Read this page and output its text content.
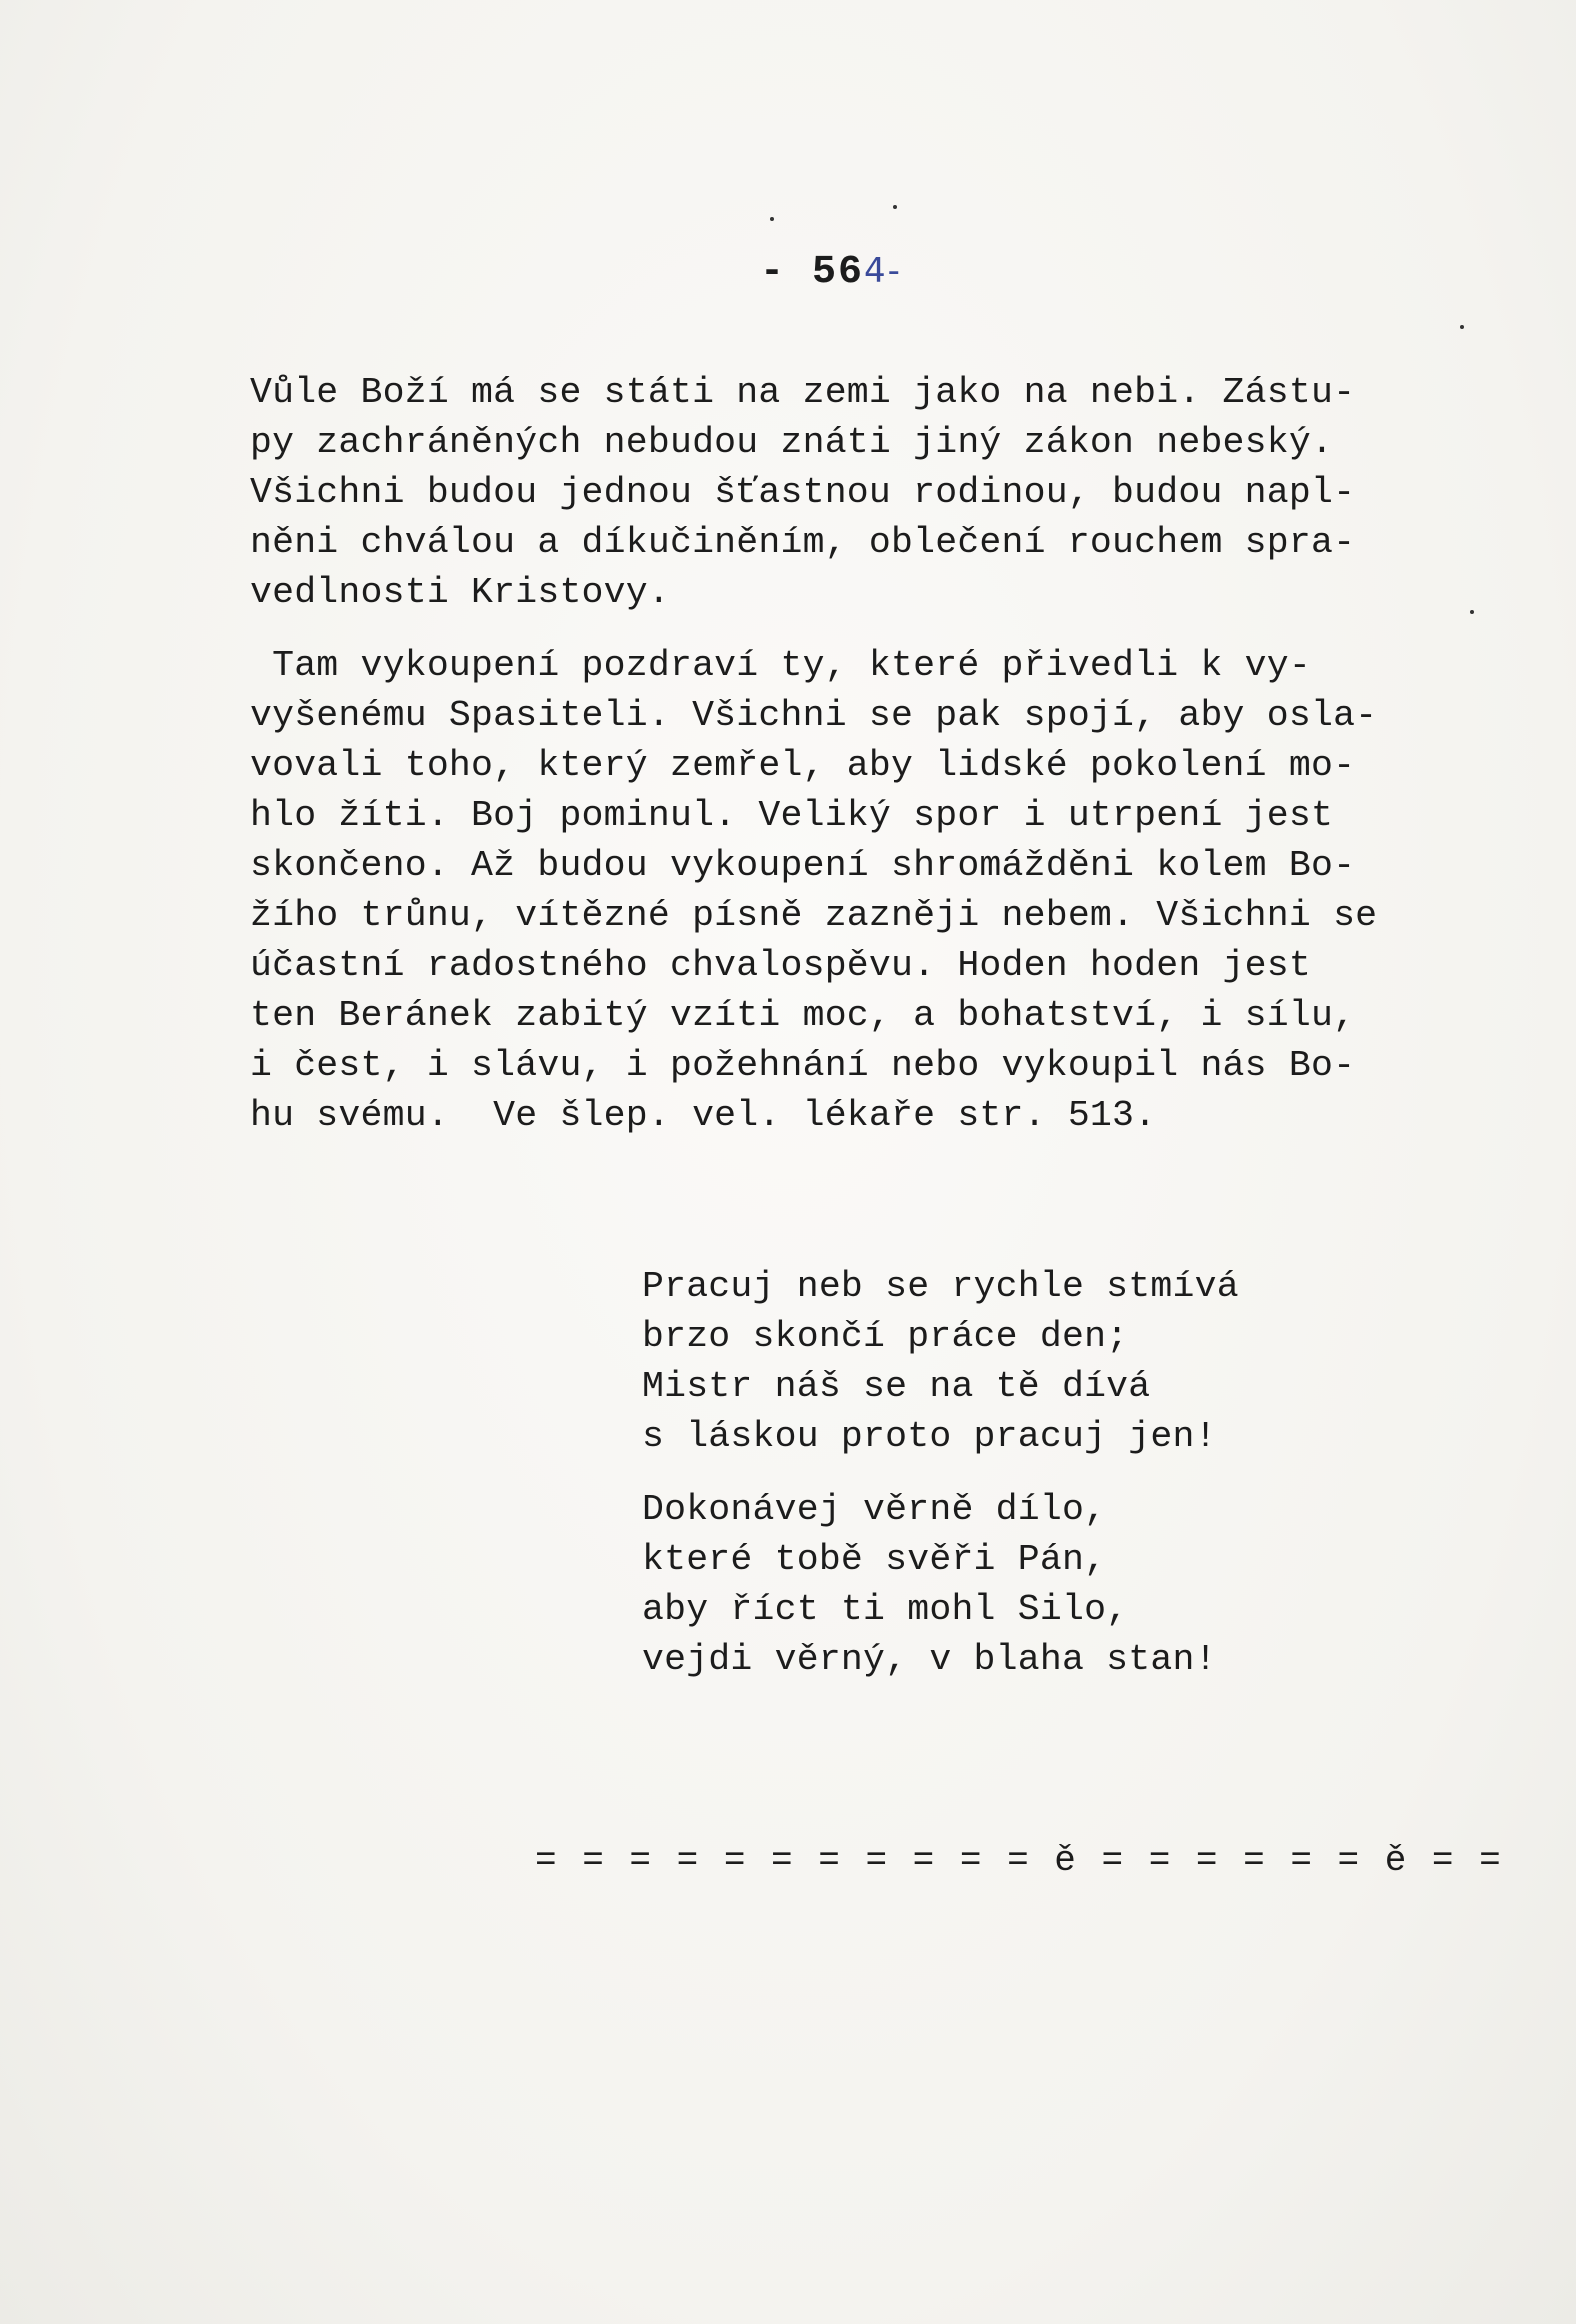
- 564-
Vůle Boží má se státi na zemi jako na nebi. Zástu-
py zachráněných nebudou znáti jiný zákon nebeský.
Všichni budou jednou šťastnou rodinou, budou napl-
něni chválou a díkučiněním, oblečení rouchem spra-
vedlnosti Kristovy.
Tam vykoupení pozdraví ty, které přivedli k vy-
vyšenému Spasiteli. Všichni se pak spojí, aby osla-
vovali toho, který zemřel, aby lidské pokolení mo-
hlo žíti. Boj pominul. Veliký spor i utrpení jest
skončeno. Až budou vykoupení shromážděni kolem Bo-
žího trůnu, vítězné písně zazněji nebem. Všichni se
účastní radostného chvalospěvu. Hoden hoden jest
ten Beránek zabitý vzíti moc, a bohatství, i sílu,
i čest, i slávu, i požehnání nebo vykoupil nás Bo-
hu svému.  Ve šlep. vel. lékaře str. 513.
Pracuj neb se rychle stmívá
brzo skončí práce den;
Mistr náš se na tě dívá
s láskou proto pracuj jen!
Dokonávej věrně dílo,
které tobě svěři Pán,
aby říct ti mohl Silo,
vejdi věrný, v blaha stan!
= = = = = = = = = = = ě = = = = = = ě = =
